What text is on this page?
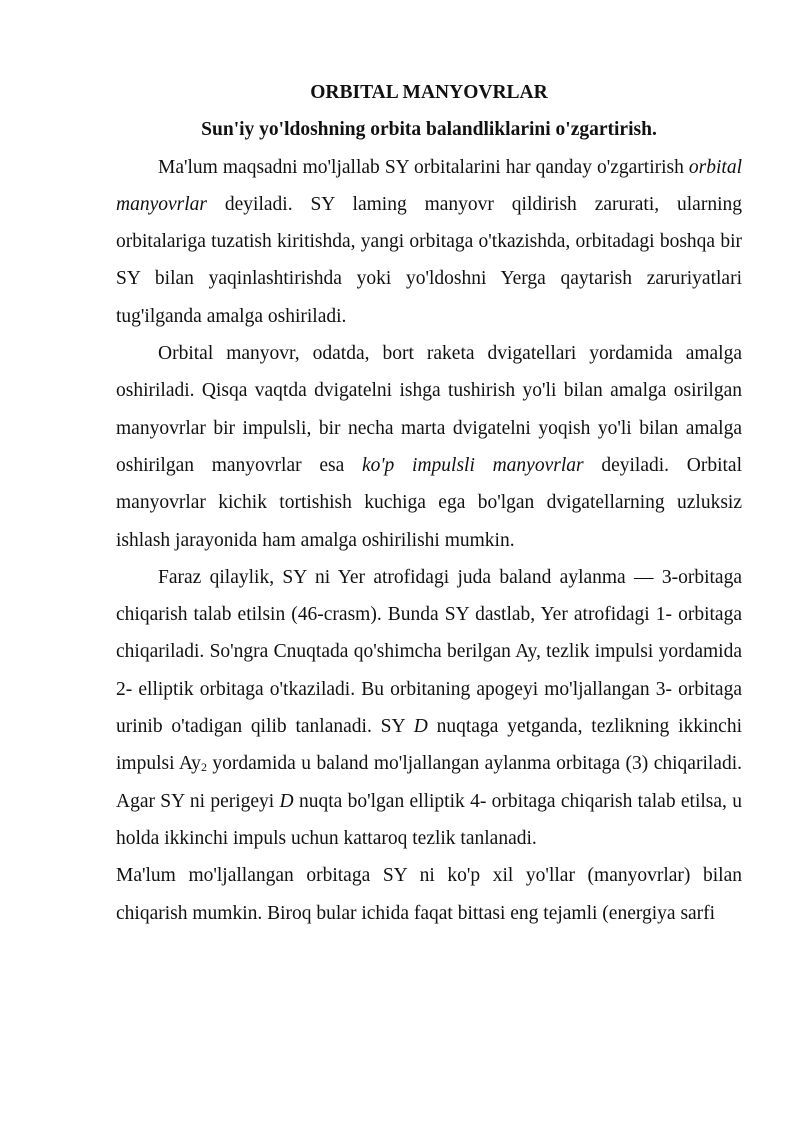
ORBITAL MANYOVRLAR
Sun'iy yo'ldoshning orbita balandliklarini o'zgartirish.

Ma'lum maqsadni mo'ljallab SY orbitalarini har qanday o'zgartirish orbital manyovrlar deyiladi. SY laming manyovr qildirish zarurati, ularning orbitalariga tuzatish kiritishda, yangi orbitaga o'tkazishda, orbitadagi boshqa bir SY bilan yaqinlashtirishda yoki yo'ldoshni Yerga qaytarish zaruriyatlari tug'ilganda amalga oshiriladi.

Orbital manyovr, odatda, bort raketa dvigatellari yordamida amalga oshiriladi. Qisqa vaqtda dvigatelni ishga tushirish yo'li bilan amalga osirilgan manyovrlar bir impulsli, bir necha marta dvigatelni yoqish yo'li bilan amalga oshirilgan manyovrlar esa ko'p impulsli manyovrlar deyiladi. Orbital manyovrlar kichik tortishish kuchiga ega bo'lgan dvigatellarning uzluksiz ishlash jarayonida ham amalga oshirilishi mumkin.

Faraz qilaylik, SY ni Yer atrofidagi juda baland aylanma — 3-orbitaga chiqarish talab etilsin (46-crasm). Bunda SY dastlab, Yer atrofidagi 1- orbitaga chiqariladi. So'ngra Cnuqtada qo'shimcha berilgan Ay, tezlik impulsi yordamida 2- elliptik orbitaga o'tkaziladi. Bu orbitaning apogeyi mo'ljallangan 3- orbitaga urinib o'tadigan qilib tanlanadi. SY D nuqtaga yetganda, tezlikning ikkinchi impulsi $Ay_2$ yordamida u baland mo'ljallangan aylanma orbitaga (3) chiqariladi. Agar SY ni perigeyi D nuqta bo'lgan elliptik 4- orbitaga chiqarish talab etilsa, u holda ikkinchi impuls uchun kattaroq tezlik tanlanadi.

Ma'lum mo'ljallangan orbitaga SY ni ko'p xil yo'llar (manyovrlar) bilan chiqarish mumkin. Biroq bular ichida faqat bittasi eng tejamli (energiya sarfi
